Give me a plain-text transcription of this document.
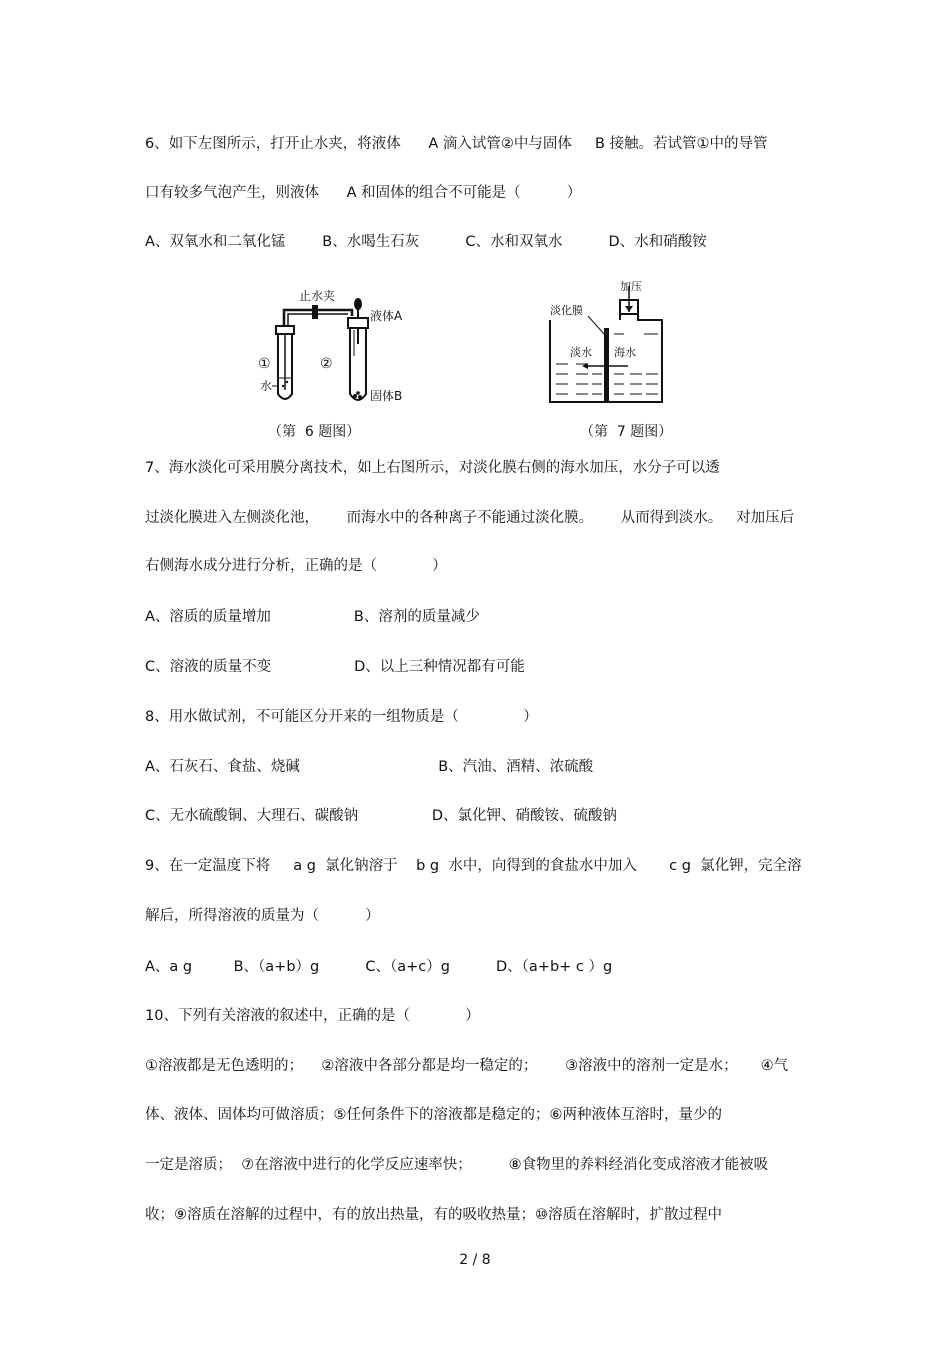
6、如下左图所示，打开止水夹，将液体      A 滴入试管②中与固体     B 接触。若试管①中的导管
口有较多气泡产生，则液体      A 和固体的组合不可能是（          ）
A、双氧水和二氧化锰        B、水喝生石灰          C、水和双氧水          D、水和硝酸铵
止水夹
液体A
①	②
水
固体B
淡化膜
加压
淡水 海水
（第  6 题图）	（第  7 题图）
7、海水淡化可采用膜分离技术，如上右图所示，对淡化膜右侧的海水加压，水分子可以透
过淡化膜进入左侧淡化池，      而海水中的各种离子不能通过淡化膜。      从而得到淡水。   对加压后
右侧海水成分进行分析，正确的是（            ）
A、溶质的质量增加                  B、溶剂的质量减少
C、溶液的质量不变                  D、以上三种情况都有可能
8、用水做试剂，不可能区分开来的一组物质是（              ）
A、石灰石、食盐、烧碱                              B、汽油、酒精、浓硫酸
C、无水硫酸铜、大理石、碳酸钠                D、氯化钾、硝酸铵、硫酸钠
9、在一定温度下将     a g  氯化钠溶于    b g  水中，向得到的食盐水中加入       c g  氯化钾，完全溶
解后，所得溶液的质量为（          ）
A、a g         B、（a+b）g          C、（a+c）g          D、（a+b+ c ）g
10、下列有关溶液的叙述中，正确的是（            ）
①溶液都是无色透明的；    ②溶液中各部分都是均一稳定的；      ③溶液中的溶剂一定是水；     ④气
体、液体、固体均可做溶质；⑤任何条件下的溶液都是稳定的；⑥两种液体互溶时，量少的
一定是溶质；  ⑦在溶液中进行的化学反应速率快；        ⑧食物里的养料经消化变成溶液才能被吸
收；⑨溶质在溶解的过程中，有的放出热量，有的吸收热量；⑩溶质在溶解时，扩散过程中
2 / 8
